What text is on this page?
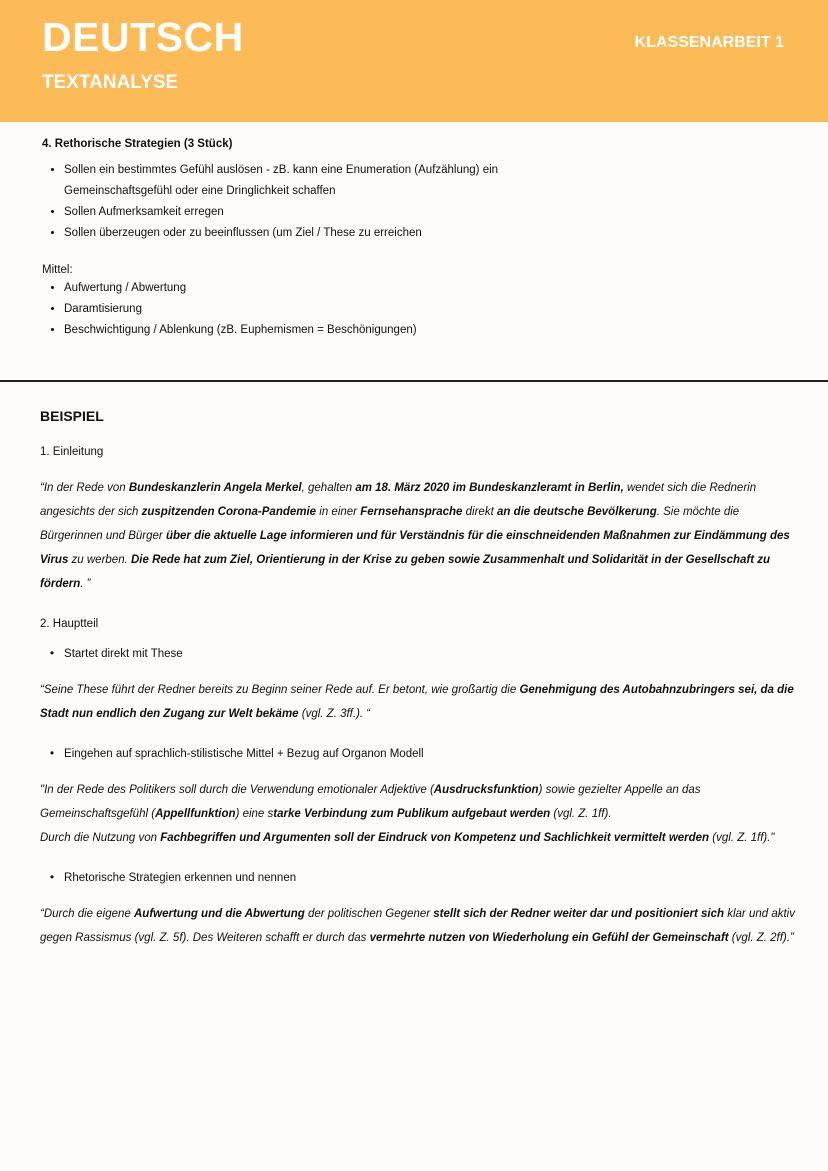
DEUTSCH
TEXTANALYSE
KLASSENARBEIT 1
4. Rethorische Strategien (3 Stück)
• Sollen ein bestimmtes Gefühl auslösen - zB. kann eine Enumeration (Aufzählung) ein Gemeinschaftsgefühl oder eine Dringlichkeit schaffen
• Sollen Aufmerksamkeit erregen
• Sollen überzeugen oder zu beeinflussen (um Ziel / These zu erreichen
Mittel:
• Aufwertung / Abwertung
• Daramtisierung
• Beschwichtigung / Ablenkung (zB. Euphemismen = Beschönigungen)
BEISPIEL
1. Einleitung
“In der Rede von Bundeskanzlerin Angela Merkel, gehalten am 18. März 2020 im Bundeskanzleramt in Berlin, wendet sich die Rednerin angesichts der sich zuspitzenden Corona-Pandemie in einer Fernsehansprache direkt an die deutsche Bevölkerung. Sie möchte die Bürgerinnen und Bürger über die aktuelle Lage informieren und für Verständnis für die einschneidenden Maßnahmen zur Eindämmung des Virus zu werben. Die Rede hat zum Ziel, Orientierung in der Krise zu geben sowie Zusammenhalt und Solidarität in der Gesellschaft zu fördern. ”
2. Hauptteil
• Startet direkt mit These
“Seine These führt der Redner bereits zu Beginn seiner Rede auf. Er betont, wie großartig die Genehmigung des Autobahnzubringers sei, da die Stadt nun endlich den Zugang zur Welt bekäme (vgl. Z. 3ff.). “
• Eingehen auf sprachlich-stilistische Mittel + Bezug auf Organon Modell
"In der Rede des Politikers soll durch die Verwendung emotionaler Adjektive (Ausdrucksfunktion) sowie gezielter Appelle an das Gemeinschaftsgefühl (Appellfunktion) eine starke Verbindung zum Publikum aufgebaut werden (vgl. Z. 1ff).
Durch die Nutzung von Fachbegriffen und Argumenten soll der Eindruck von Kompetenz und Sachlichkeit vermittelt werden (vgl. Z. 1ff)."
• Rhetorische Strategien erkennen und nennen
“Durch die eigene Aufwertung und die Abwertung der politischen Gegener stellt sich der Redner weiter dar und positioniert sich klar und aktiv gegen Rassismus (vgl. Z. 5f). Des Weiteren schafft er durch das vermehrte nutzen von Wiederholung ein Gefühl der Gemeinschaft (vgl. Z. 2ff).”
